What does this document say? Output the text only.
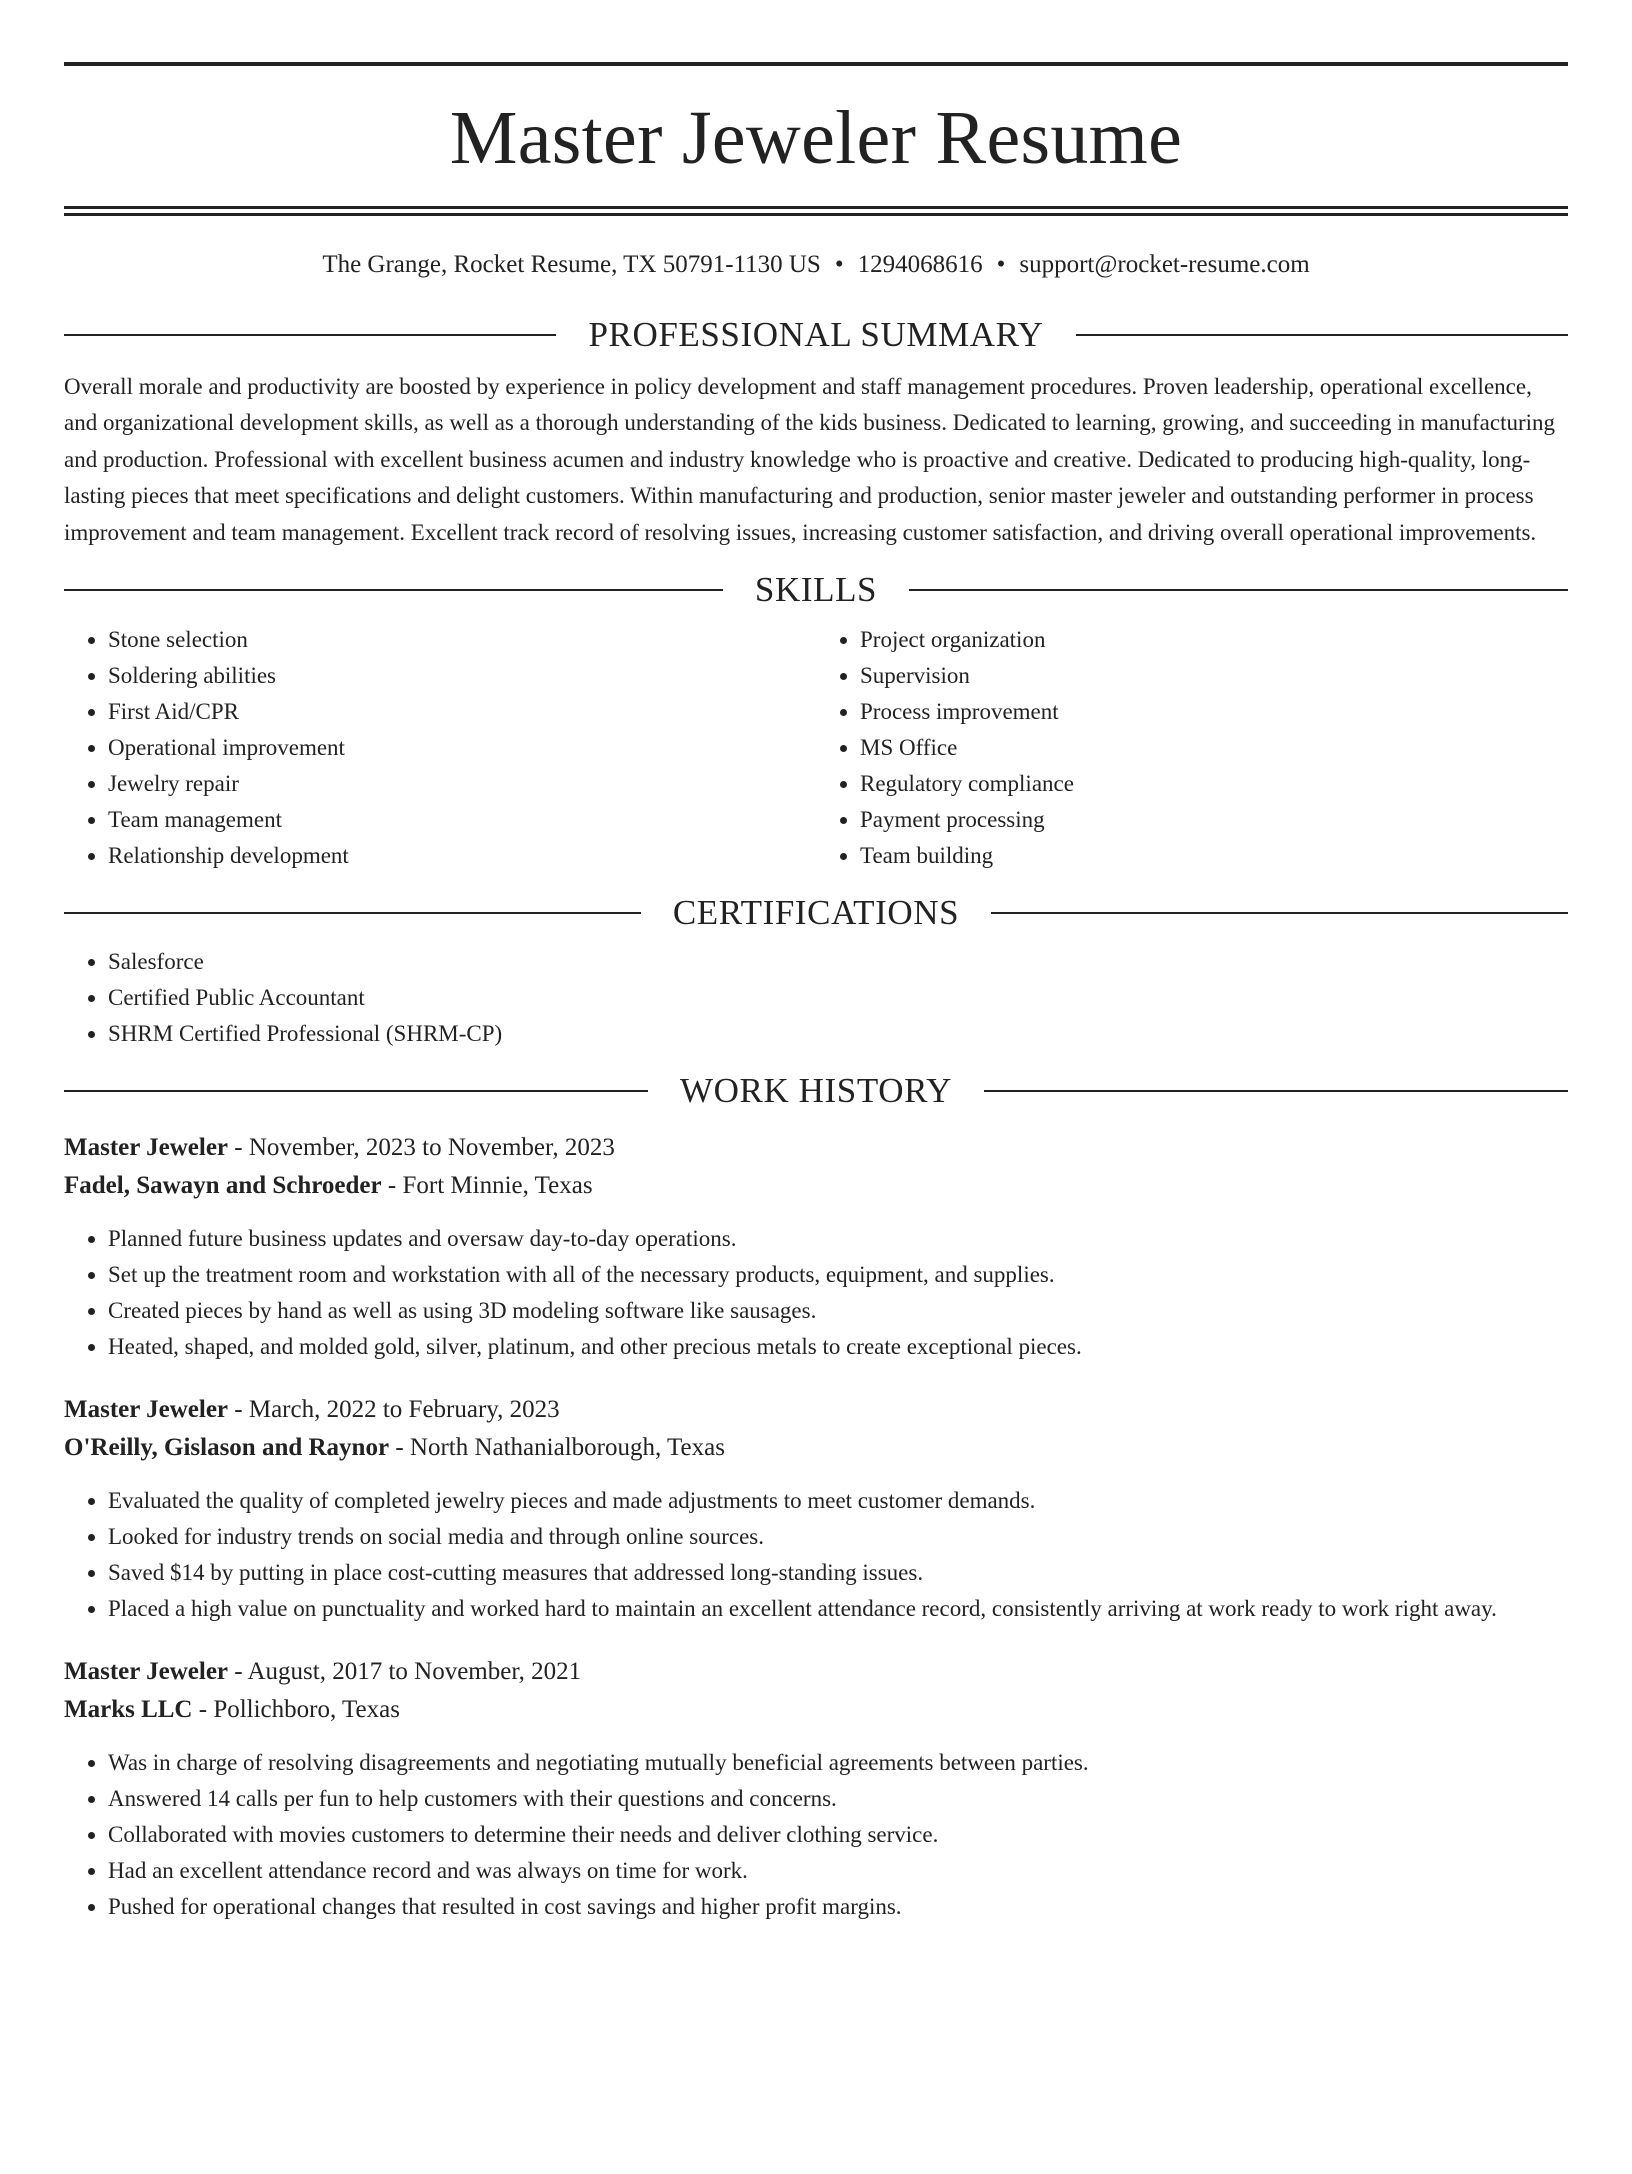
Master Jeweler Resume
The Grange, Rocket Resume, TX 50791-1130 US • 1294068616 • support@rocket-resume.com
PROFESSIONAL SUMMARY

Overall morale and productivity are boosted by experience in policy development and staff management procedures. Proven leadership, operational excellence, and organizational development skills, as well as a thorough understanding of the kids business. Dedicated to learning, growing, and succeeding in manufacturing and production. Professional with excellent business acumen and industry knowledge who is proactive and creative. Dedicated to producing high-quality, long-lasting pieces that meet specifications and delight customers. Within manufacturing and production, senior master jeweler and outstanding performer in process improvement and team management. Excellent track record of resolving issues, increasing customer satisfaction, and driving overall operational improvements.

SKILLS
• Stone selection
• Soldering abilities
• First Aid/CPR
• Operational improvement
• Jewelry repair
• Team management
• Relationship development
• Project organization
• Supervision
• Process improvement
• MS Office
• Regulatory compliance
• Payment processing
• Team building
CERTIFICATIONS
• Salesforce
• Certified Public Accountant
• SHRM Certified Professional (SHRM-CP)
WORK HISTORY
Master Jeweler - November, 2023 to November, 2023
Fadel, Sawayn and Schroeder - Fort Minnie, Texas
• Planned future business updates and oversaw day-to-day operations.
• Set up the treatment room and workstation with all of the necessary products, equipment, and supplies.
• Created pieces by hand as well as using 3D modeling software like sausages.
• Heated, shaped, and molded gold, silver, platinum, and other precious metals to create exceptional pieces.
Master Jeweler - March, 2022 to February, 2023
O'Reilly, Gislason and Raynor - North Nathanialborough, Texas
• Evaluated the quality of completed jewelry pieces and made adjustments to meet customer demands.
• Looked for industry trends on social media and through online sources.
• Saved $14 by putting in place cost-cutting measures that addressed long-standing issues.
• Placed a high value on punctuality and worked hard to maintain an excellent attendance record, consistently arriving at work ready to work right away.
Master Jeweler - August, 2017 to November, 2021
Marks LLC - Pollichboro, Texas
• Was in charge of resolving disagreements and negotiating mutually beneficial agreements between parties.
• Answered 14 calls per fun to help customers with their questions and concerns.
• Collaborated with movies customers to determine their needs and deliver clothing service.
• Had an excellent attendance record and was always on time for work.
• Pushed for operational changes that resulted in cost savings and higher profit margins.
